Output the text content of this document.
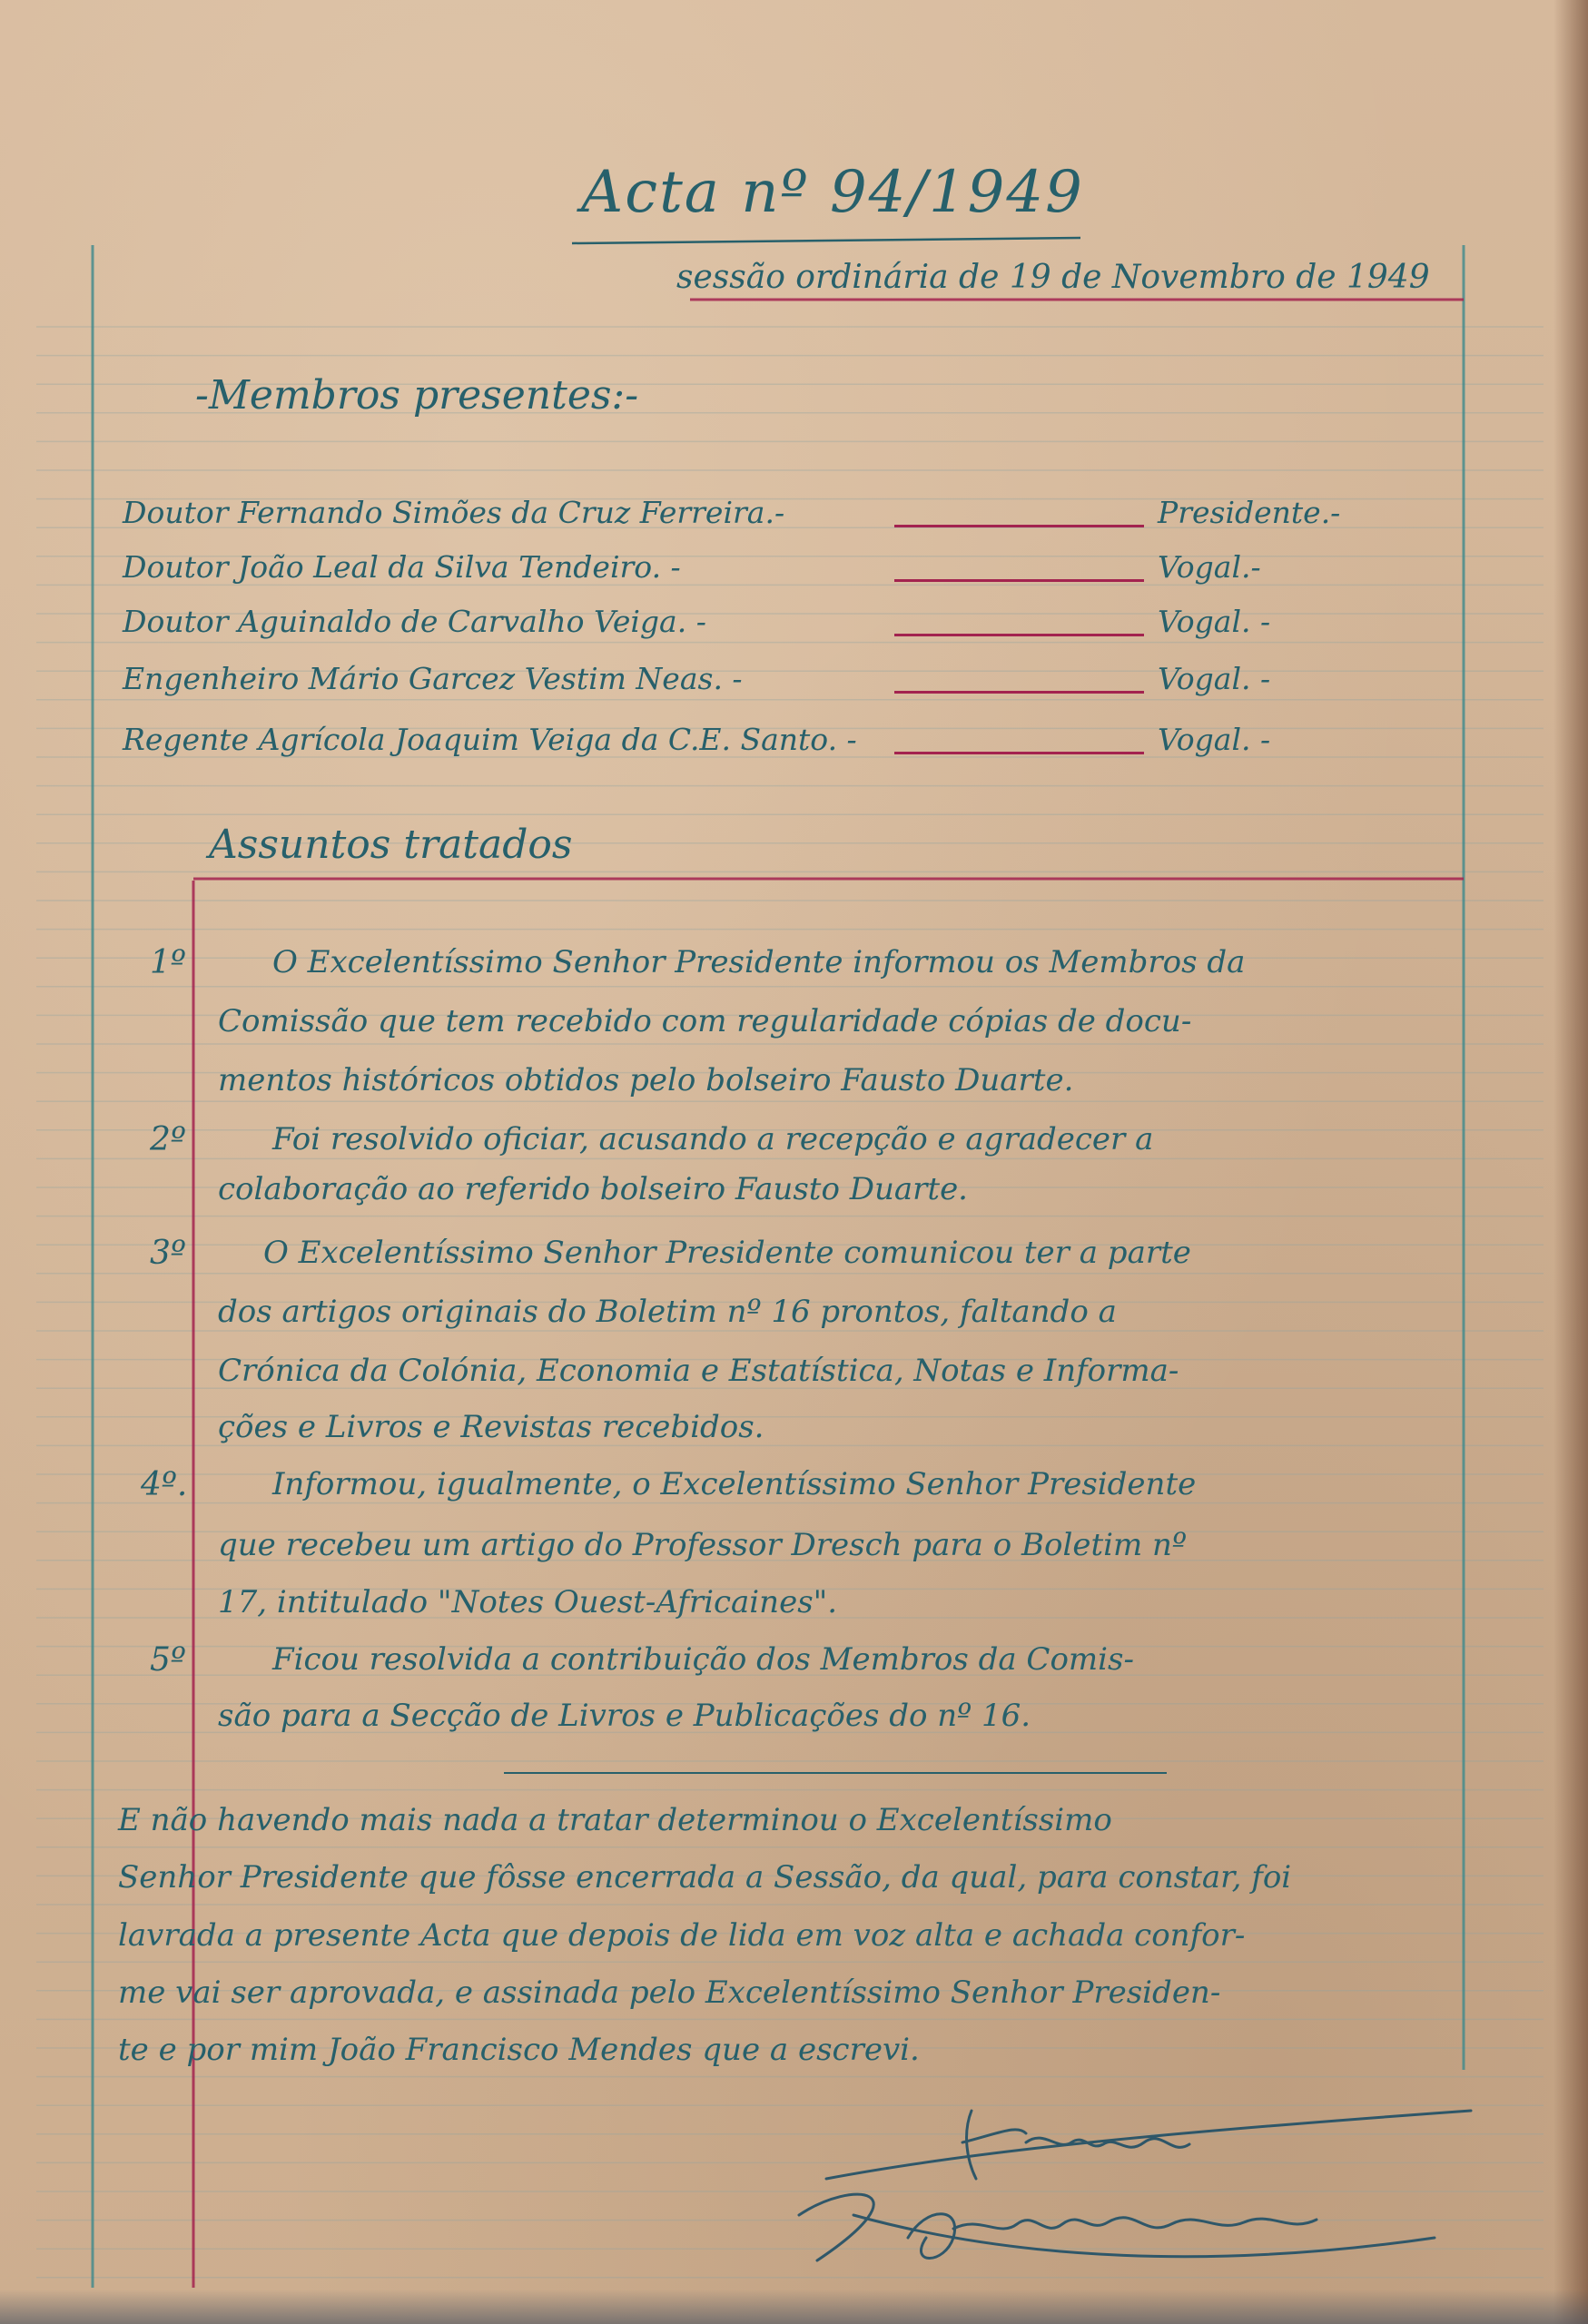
Acta nº 94/1949
sessão ordinária de 19 de Novembro de 1949
-Membros presentes:-
Doutor Fernando Simões da Cruz Ferreira.-	Presidente.-
Doutor João Leal da Silva Tendeiro. -	Vogal.-
Doutor Aguinaldo de Carvalho Veiga. -	Vogal. -
Engenheiro Mário Garcez Vestim Neas. -	Vogal. -
Regente Agrícola Joaquim Veiga da C.E. Santo. -	Vogal. -
Assuntos tratados
1º	O Excelentíssimo Senhor Presidente informou os Membros da
Comissão que tem recebido com regularidade cópias de docu-
mentos históricos obtidos pelo bolseiro Fausto Duarte.
2º	Foi resolvido oficiar, acusando a recepção e agradecer a
colaboração ao referido bolseiro Fausto Duarte.
3º	O Excelentíssimo Senhor Presidente comunicou ter a parte
dos artigos originais do Boletim nº 16 prontos, faltando a
Crónica da Colónia, Economia e Estatística, Notas e Informa-
ções e Livros e Revistas recebidos.
4º.	Informou, igualmente, o Excelentíssimo Senhor Presidente
que recebeu um artigo do Professor Dresch para o Boletim nº
17, intitulado "Notes Ouest-Africaines".
5º	Ficou resolvida a contribuição dos Membros da Comis-
são para a Secção de Livros e Publicações do nº 16.
E não havendo mais nada a tratar determinou o Excelentíssimo
Senhor Presidente que fôsse encerrada a Sessão, da qual, para constar, foi
lavrada a presente Acta que depois de lida em voz alta e achada confor-
me vai ser aprovada, e assinada pelo Excelentíssimo Senhor Presiden-
te e por mim João Francisco Mendes que a escrevi.
